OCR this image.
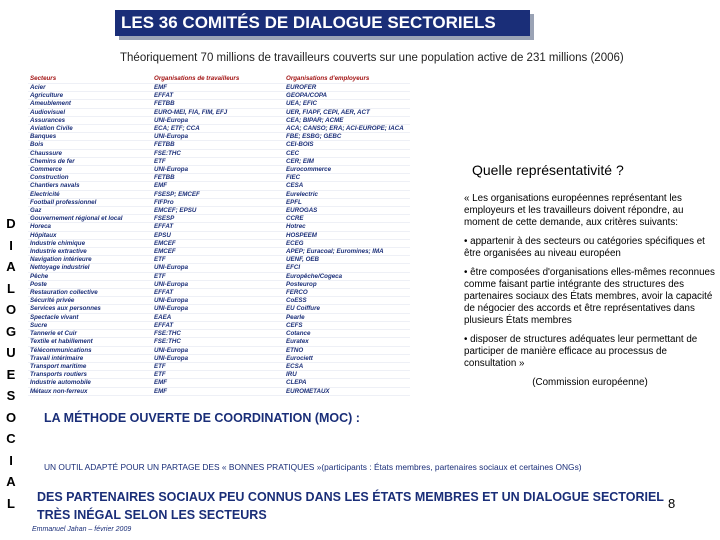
LES 36 COMITÉS DE DIALOGUE SECTORIELS
Théoriquement 70 millions de travailleurs couverts sur une population active de 231 millions (2006)
D
I
A
L
O
G
U
E
S
O
C
I
A
L
Secteurs	Organisations de travailleurs	Organisations d'employeurs
Acier	EMF	EUROFER
Agriculture	EFFAT	GEOPA/COPA
Ameublement	FETBB	UEA; EFIC
Audiovisuel	EURO-MEI, FIA, FIM, EFJ	UER, FIAPF, CEPI, AER, ACT
Assurances	UNI-Europa	CEA; BIPAR; ACME
Aviation Civile	ECA; ETF; CCA	ACA; CANSO; ERA; ACI-EUROPE; IACA
Banques	UNI-Europa	FBE; ESBG; GEBC
Bois	FETBB	CEI-BOIS
Chaussure	FSE:THC	CEC
Chemins de fer	ETF	CER; EIM
Commerce	UNI-Europa	Eurocommerce
Construction	FETBB	FIEC
Chantiers navals	EMF	CESA
Électricité	FSESP; EMCEF	Eurelectric
Football professionnel	FIFPro	EPFL
Gaz	EMCEF; EPSU	EUROGAS
Gouvernement régional et local	FSESP	CCRE
Horeca	EFFAT	Hotrec
Hôpitaux	EPSU	HOSPEEM
Industrie chimique	EMCEF	ECEG
Industrie extractive	EMCEF	APEP; Euracoal; Euromines; IMA
Navigation intérieure	ETF	UENF, OEB
Nettoyage industriel	UNI-Europa	EFCI
Pêche	ETF	Europêche/Cogeca
Poste	UNI-Europa	Posteurop
Restauration collective	EFFAT	FERCO
Sécurité privée	UNI-Europa	CoESS
Services aux personnes	UNI-Europa	EU Coiffure
Spectacle vivant	EAEA	Pearle
Sucre	EFFAT	CEFS
Tannerie et Cuir	FSE:THC	Cotance
Textile et habillement	FSE:THC	Euratex
Télécommunications	UNI-Europa	ETNO
Travail intérimaire	UNI-Europa	Eurociett
Transport maritime	ETF	ECSA
Transports routiers	ETF	IRU
Industrie automobile	EMF	CLEPA
Métaux non-ferreux	EMF	EUROMETAUX
Quelle représentativité ?

« Les organisations européennes représentant les employeurs et les travailleurs doivent répondre, au moment de cette demande, aux critères suivants:

• appartenir à des secteurs ou catégories spécifiques et être organisées au niveau européen

• être composées d'organisations elles-mêmes reconnues comme faisant partie intégrante des structures des partenaires sociaux des États membres, avoir la capacité de négocier des accords et être représentatives dans plusieurs États membres

• disposer de structures adéquates leur permettant de participer de manière efficace au processus de consultation »

(Commission européenne)

LA MÉTHODE OUVERTE DE COORDINATION (MOC) :
UN OUTIL ADAPTÉ POUR UN PARTAGE DES « BONNES PRATIQUES »(participants : États membres, partenaires sociaux et certaines ONGs)
DES PARTENAIRES SOCIAUX PEU CONNUS DANS LES ÉTATS MEMBRES ET UN DIALOGUE SECTORIEL TRÈS INÉGAL SELON LES SECTEURS
8
Emmanuel Jahan – février 2009
